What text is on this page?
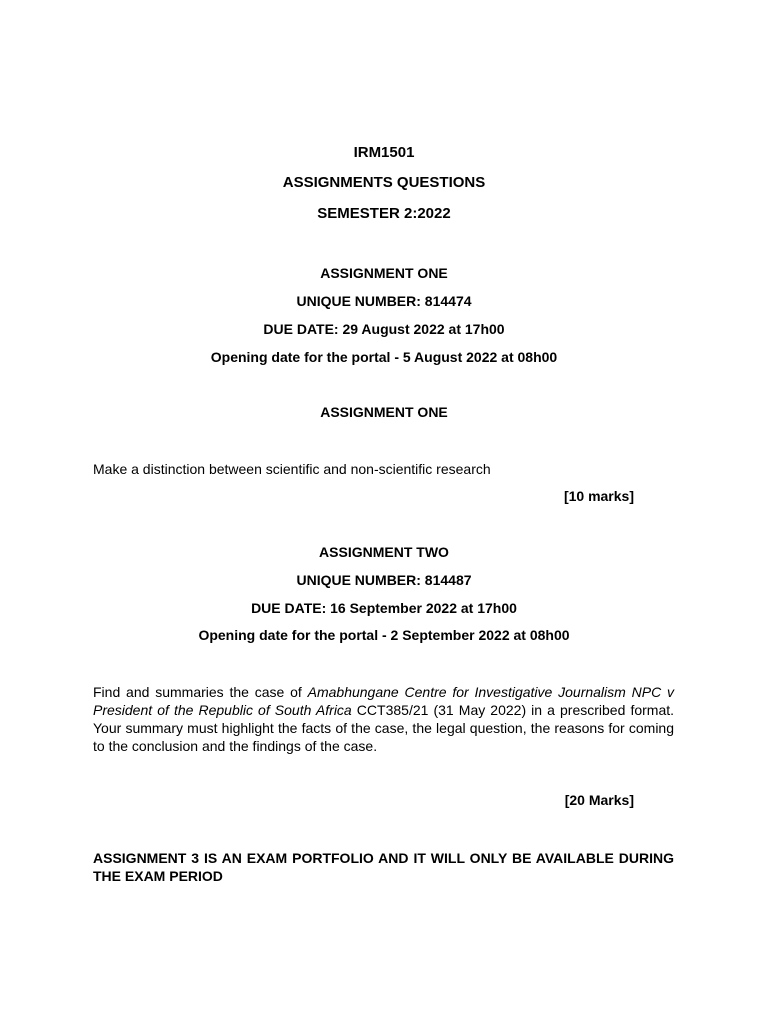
IRM1501
ASSIGNMENTS QUESTIONS
SEMESTER 2:2022
ASSIGNMENT ONE
UNIQUE NUMBER: 814474
DUE DATE: 29 August 2022 at 17h00
Opening date for the portal - 5 August 2022 at 08h00
ASSIGNMENT ONE
Make a distinction between scientific and non-scientific research
[10 marks]
ASSIGNMENT TWO
UNIQUE NUMBER: 814487
DUE DATE: 16 September 2022 at 17h00
Opening date for the portal - 2 September 2022 at 08h00
Find and summaries the case of Amabhungane Centre for Investigative Journalism NPC v President of the Republic of South Africa CCT385/21 (31 May 2022) in a prescribed format. Your summary must highlight the facts of the case, the legal question, the reasons for coming to the conclusion and the findings of the case.
[20 Marks]
ASSIGNMENT 3 IS AN EXAM PORTFOLIO AND IT WILL ONLY BE AVAILABLE DURING THE EXAM PERIOD
